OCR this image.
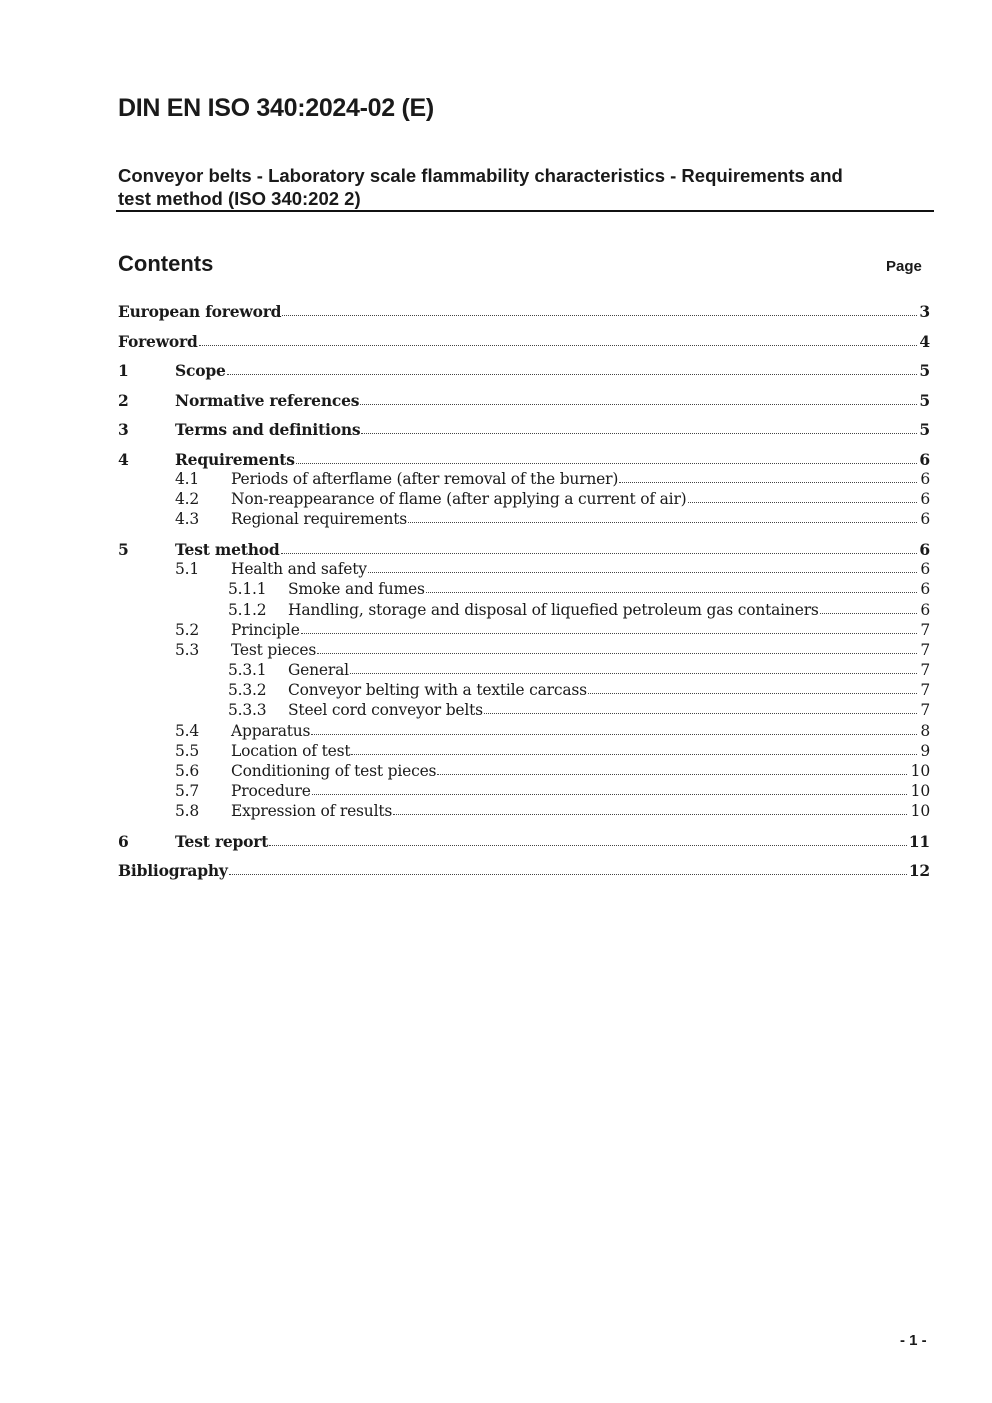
DIN EN ISO 340:2024-02 (E)
Conveyor belts - Laboratory scale flammability characteristics - Requirements and
test method (ISO 340:202 2)
Contents	Page
European foreword	3
Foreword	4
1	Scope	5
2	Normative references	5
3	Terms and definitions	5
4	Requirements	6
4.1 Periods of afterflame (after removal of the burner)	6
4.2 Non-reappearance of flame (after applying a current of air)	6
4.3 Regional requirements	6
5	Test method	6
5.1 Health and safety	6
5.1.1 Smoke and fumes	6
5.1.2 Handling, storage and disposal of liquefied petroleum gas containers	6
5.2 Principle	7
5.3 Test pieces	7
5.3.1 General	7
5.3.2 Conveyor belting with a textile carcass	7
5.3.3 Steel cord conveyor belts	7
5.4 Apparatus	8
5.5 Location of test	9
5.6 Conditioning of test pieces	10
5.7 Procedure	10
5.8 Expression of results	10
6	Test report	11
Bibliography	12
- 1 -
